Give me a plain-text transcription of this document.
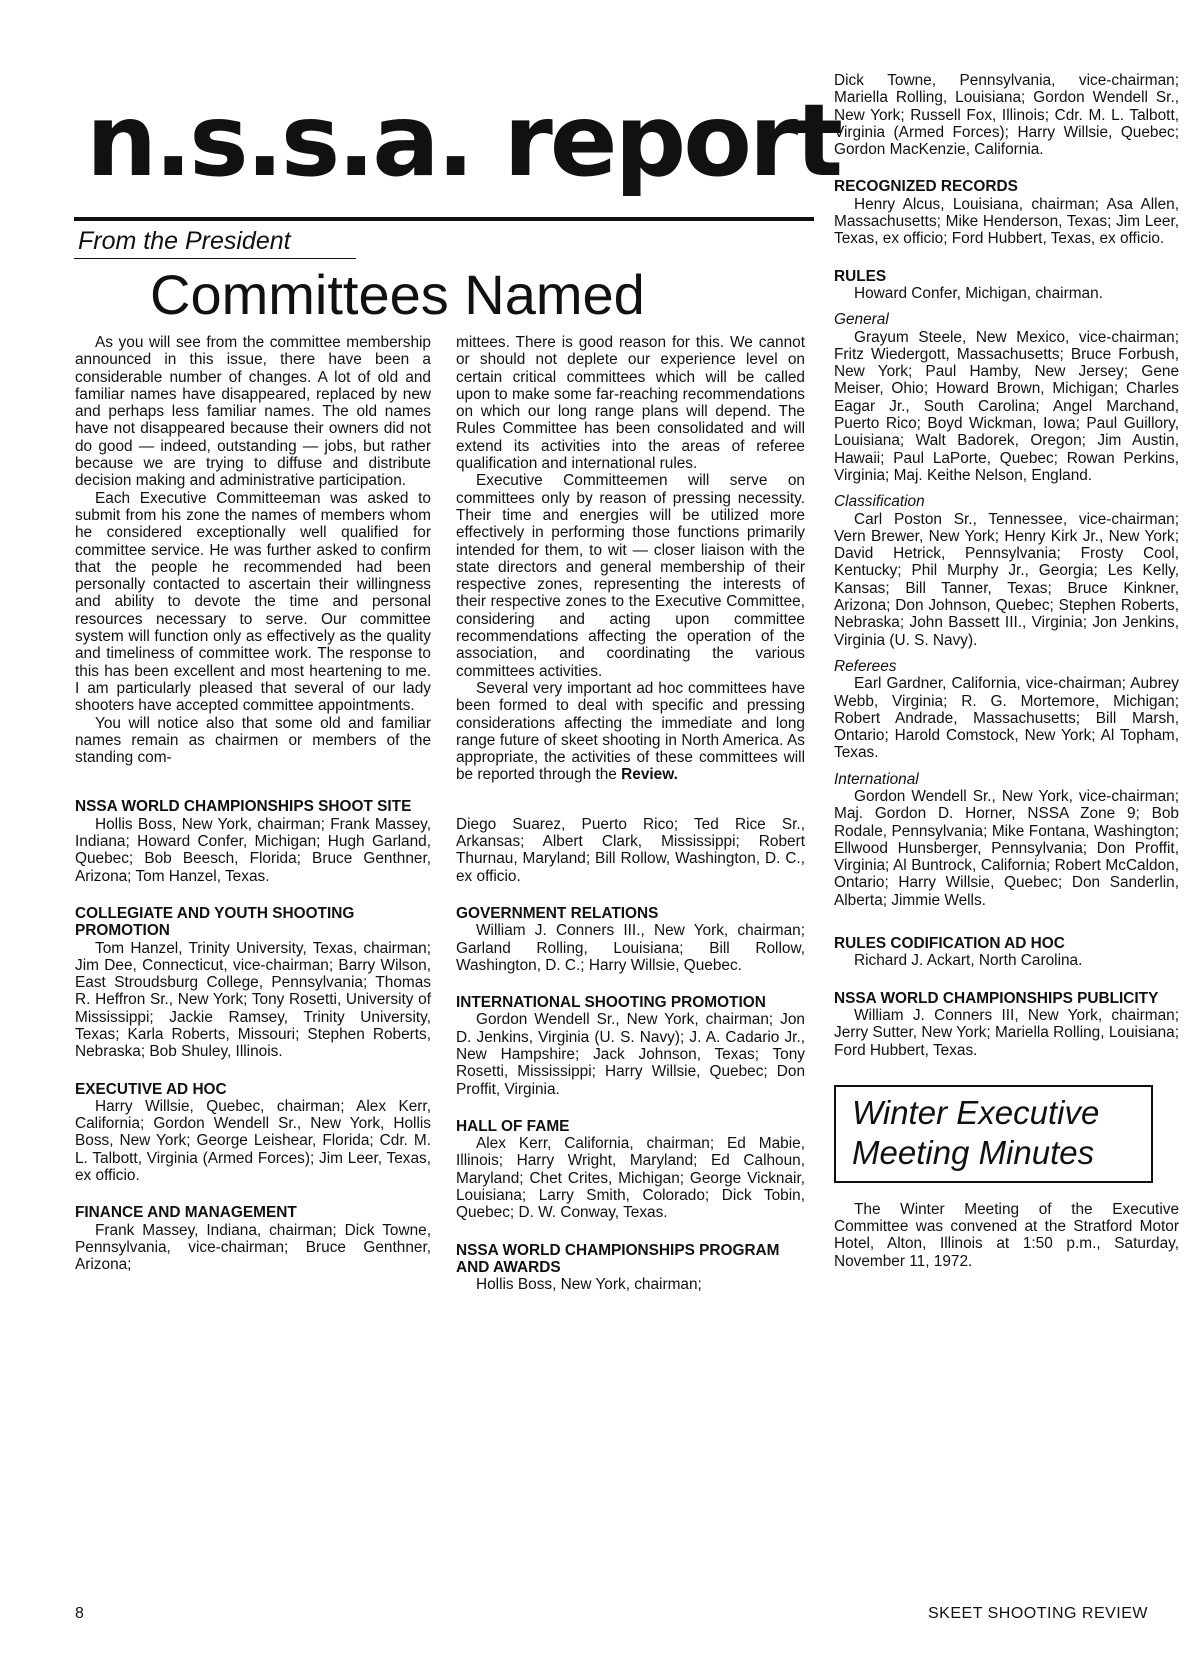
n.s.s.a. report
From the President
Committees Named

As you will see from the committee membership announced in this issue, there have been a considerable number of changes. A lot of old and familiar names have disappeared, replaced by new and perhaps less familiar names. The old names have not disappeared because their owners did not do good — indeed, outstanding — jobs, but rather because we are trying to diffuse and distribute decision making and administrative participation.

Each Executive Committeeman was asked to submit from his zone the names of members whom he considered exceptionally well qualified for committee service. He was further asked to confirm that the people he recommended had been personally contacted to ascertain their willingness and ability to devote the time and personal resources necessary to serve. Our committee system will function only as effectively as the quality and timeliness of committee work. The response to this has been excellent and most heartening to me. I am particularly pleased that several of our lady shooters have accepted committee appointments.

You will notice also that some old and familiar names remain as chairmen or members of the standing com-

NSSA WORLD CHAMPIONSHIPS SHOOT SITE

Hollis Boss, New York, chairman; Frank Massey, Indiana; Howard Confer, Michigan; Hugh Garland, Quebec; Bob Beesch, Florida; Bruce Genthner, Arizona; Tom Hanzel, Texas.

COLLEGIATE AND YOUTH SHOOTING PROMOTION

Tom Hanzel, Trinity University, Texas, chairman; Jim Dee, Connecticut, vice-chairman; Barry Wilson, East Stroudsburg College, Pennsylvania; Thomas R. Heffron Sr., New York; Tony Rosetti, University of Mississippi; Jackie Ramsey, Trinity University, Texas; Karla Roberts, Missouri; Stephen Roberts, Nebraska; Bob Shuley, Illinois.

EXECUTIVE AD HOC

Harry Willsie, Quebec, chairman; Alex Kerr, California; Gordon Wendell Sr., New York, Hollis Boss, New York; George Leishear, Florida; Cdr. M. L. Talbott, Virginia (Armed Forces); Jim Leer, Texas, ex officio.

FINANCE AND MANAGEMENT

Frank Massey, Indiana, chairman; Dick Towne, Pennsylvania, vice-chairman; Bruce Genthner, Arizona;

mittees. There is good reason for this. We cannot or should not deplete our experience level on certain critical committees which will be called upon to make some far-reaching recommendations on which our long range plans will depend. The Rules Committee has been consolidated and will extend its activities into the areas of referee qualification and international rules.

Executive Committeemen will serve on committees only by reason of pressing necessity. Their time and energies will be utilized more effectively in performing those functions primarily intended for them, to wit — closer liaison with the state directors and general membership of their respective zones, representing the interests of their respective zones to the Executive Committee, considering and acting upon committee recommendations affecting the operation of the association, and coordinating the various committees activities.

Several very important ad hoc committees have been formed to deal with specific and pressing considerations affecting the immediate and long range future of skeet shooting in North America. As appropriate, the activities of these committees will be reported through the Review.

Diego Suarez, Puerto Rico; Ted Rice Sr., Arkansas; Albert Clark, Mississippi; Robert Thurnau, Maryland; Bill Rollow, Washington, D. C., ex officio.

GOVERNMENT RELATIONS

William J. Conners III., New York, chairman; Garland Rolling, Louisiana; Bill Rollow, Washington, D. C.; Harry Willsie, Quebec.

INTERNATIONAL SHOOTING PROMOTION

Gordon Wendell Sr., New York, chairman; Jon D. Jenkins, Virginia (U. S. Navy); J. A. Cadario Jr., New Hampshire; Jack Johnson, Texas; Tony Rosetti, Mississippi; Harry Willsie, Quebec; Don Proffit, Virginia.

HALL OF FAME

Alex Kerr, California, chairman; Ed Mabie, Illinois; Harry Wright, Maryland; Ed Calhoun, Maryland; Chet Crites, Michigan; George Vicknair, Louisiana; Larry Smith, Colorado; Dick Tobin, Quebec; D. W. Conway, Texas.

NSSA WORLD CHAMPIONSHIPS PROGRAM AND AWARDS

Hollis Boss, New York, chairman;

Dick Towne, Pennsylvania, vice-chairman; Mariella Rolling, Louisiana; Gordon Wendell Sr., New York; Russell Fox, Illinois; Cdr. M. L. Talbott, Virginia (Armed Forces); Harry Willsie, Quebec; Gordon MacKenzie, California.

RECOGNIZED RECORDS

Henry Alcus, Louisiana, chairman; Asa Allen, Massachusetts; Mike Henderson, Texas; Jim Leer, Texas, ex officio; Ford Hubbert, Texas, ex officio.

RULES

Howard Confer, Michigan, chairman.

General

Grayum Steele, New Mexico, vice-chairman; Fritz Wiedergott, Massachusetts; Bruce Forbush, New York; Paul Hamby, New Jersey; Gene Meiser, Ohio; Howard Brown, Michigan; Charles Eagar Jr., South Carolina; Angel Marchand, Puerto Rico; Boyd Wickman, Iowa; Paul Guillory, Louisiana; Walt Badorek, Oregon; Jim Austin, Hawaii; Paul LaPorte, Quebec; Rowan Perkins, Virginia; Maj. Keithe Nelson, England.

Classification

Carl Poston Sr., Tennessee, vice-chairman; Vern Brewer, New York; Henry Kirk Jr., New York; David Hetrick, Pennsylvania; Frosty Cool, Kentucky; Phil Murphy Jr., Georgia; Les Kelly, Kansas; Bill Tanner, Texas; Bruce Kinkner, Arizona; Don Johnson, Quebec; Stephen Roberts, Nebraska; John Bassett III., Virginia; Jon Jenkins, Virginia (U. S. Navy).

Referees

Earl Gardner, California, vice-chairman; Aubrey Webb, Virginia; R. G. Mortemore, Michigan; Robert Andrade, Massachusetts; Bill Marsh, Ontario; Harold Comstock, New York; Al Topham, Texas.

International

Gordon Wendell Sr., New York, vice-chairman; Maj. Gordon D. Horner, NSSA Zone 9; Bob Rodale, Pennsylvania; Mike Fontana, Washington; Ellwood Hunsberger, Pennsylvania; Don Proffit, Virginia; Al Buntrock, California; Robert McCaldon, Ontario; Harry Willsie, Quebec; Don Sanderlin, Alberta; Jimmie Wells.

RULES CODIFICATION AD HOC

Richard J. Ackart, North Carolina.

NSSA WORLD CHAMPIONSHIPS PUBLICITY

William J. Conners III, New York, chairman; Jerry Sutter, New York; Mariella Rolling, Louisiana; Ford Hubbert, Texas.

Winter Executive Meeting Minutes

The Winter Meeting of the Executive Committee was convened at the Stratford Motor Hotel, Alton, Illinois at 1:50 p.m., Saturday, November 11, 1972.

8	SKEET SHOOTING REVIEW
